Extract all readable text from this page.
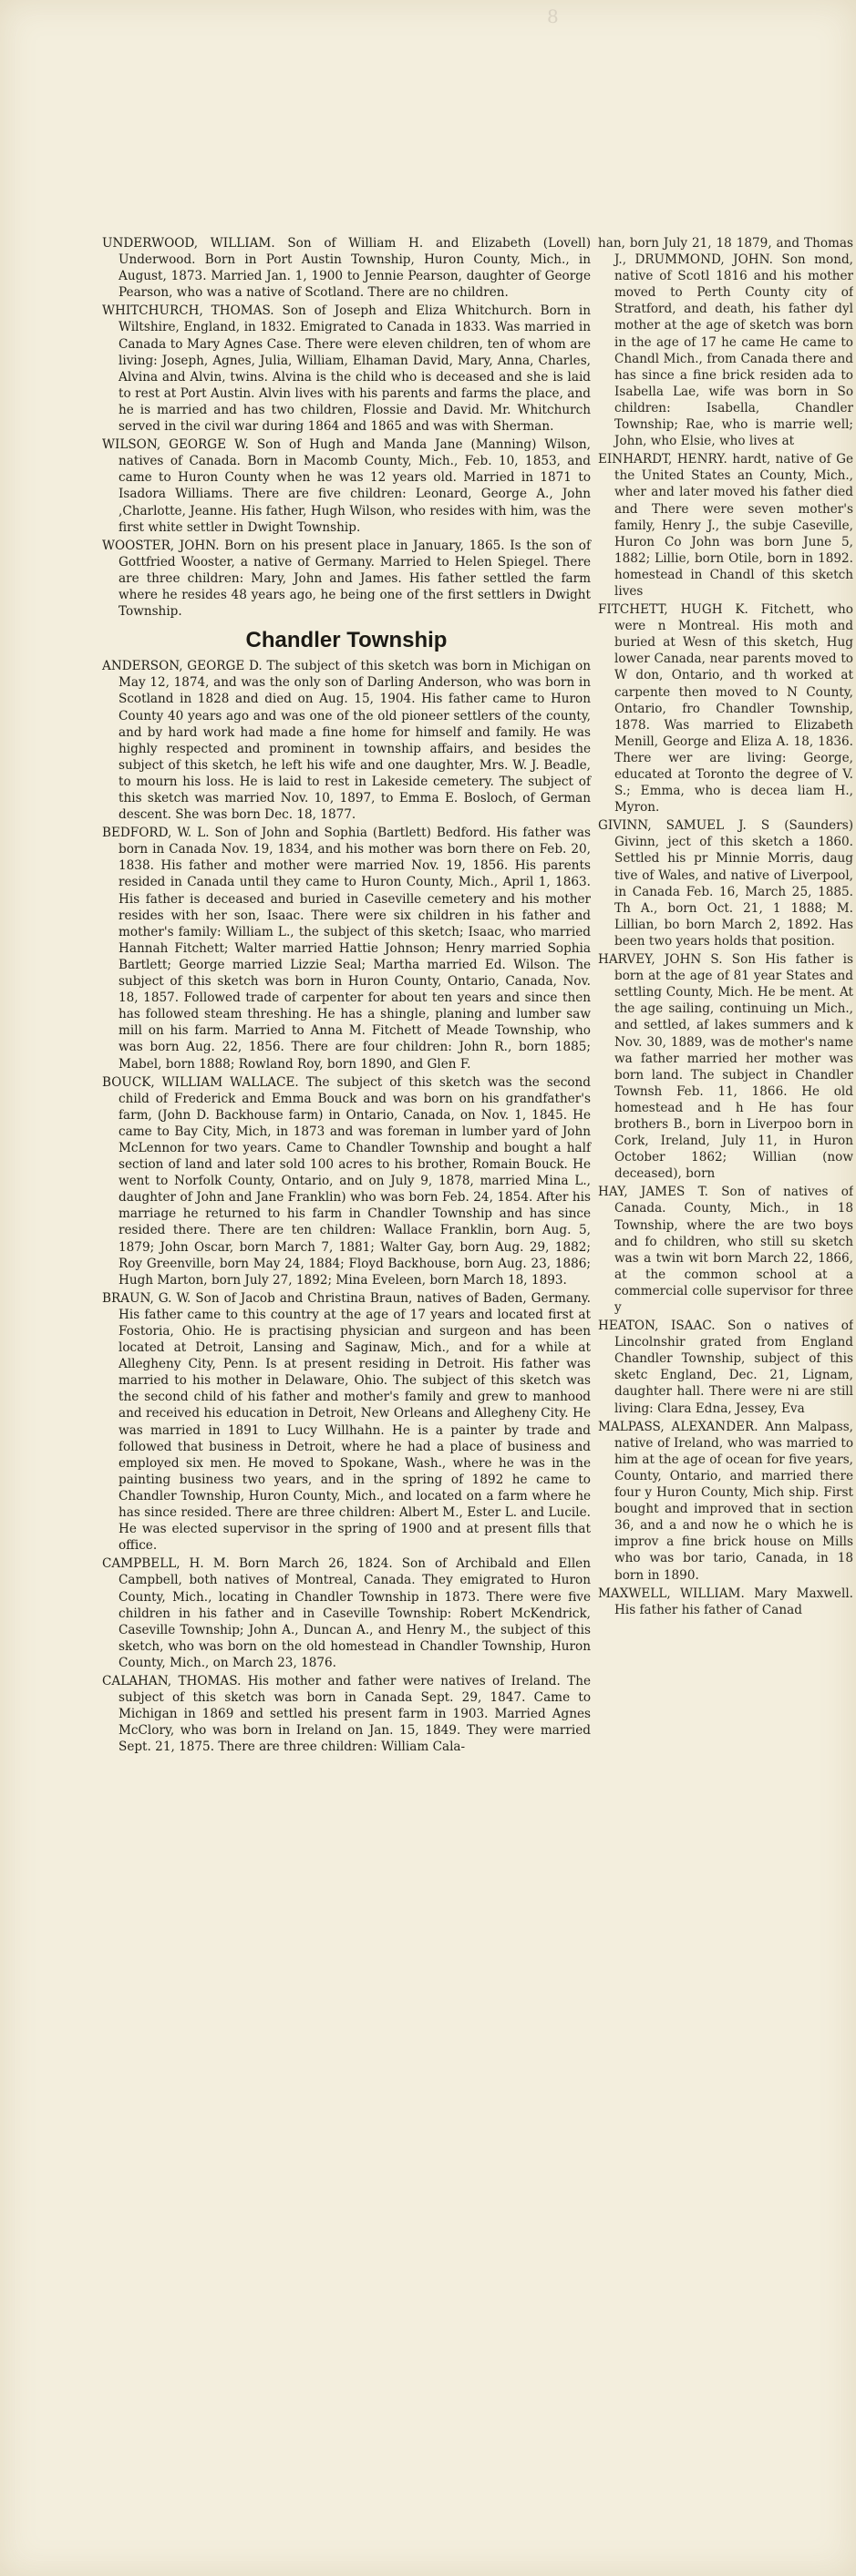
8
UNDERWOOD, WILLIAM. Son of William H. and Elizabeth (Lovell) Underwood. Born in Port Austin Township, Huron County, Mich., in August, 1873. Married Jan. 1, 1900 to Jennie Pearson, daughter of George Pearson, who was a native of Scotland. There are no children.
WHITCHURCH, THOMAS. Son of Joseph and Eliza Whitchurch. Born in Wiltshire, England, in 1832. Emigrated to Canada in 1833. Was married in Canada to Mary Agnes Case. There were eleven children, ten of whom are living: Joseph, Agnes, Julia, William, Elhaman David, Mary, Anna, Charles, Alvina and Alvin, twins. Alvina is the child who is deceased and she is laid to rest at Port Austin. Alvin lives with his parents and farms the place, and he is married and has two children, Flossie and David. Mr. Whitchurch served in the civil war during 1864 and 1865 and was with Sherman.
WILSON, GEORGE W. Son of Hugh and Manda Jane (Manning) Wilson, natives of Canada. Born in Macomb County, Mich., Feb. 10, 1853, and came to Huron County when he was 12 years old. Married in 1871 to Isadora Williams. There are five children: Leonard, George A., John ,Charlotte, Jeanne. His father, Hugh Wilson, who resides with him, was the first white settler in Dwight Township.
WOOSTER, JOHN. Born on his present place in January, 1865. Is the son of Gottfried Wooster, a native of Germany. Married to Helen Spiegel. There are three children: Mary, John and James. His father settled the farm where he resides 48 years ago, he being one of the first settlers in Dwight Township.
Chandler Township
ANDERSON, GEORGE D. The subject of this sketch was born in Michigan on May 12, 1874, and was the only son of Darling Anderson, who was born in Scotland in 1828 and died on Aug. 15, 1904. His father came to Huron County 40 years ago and was one of the old pioneer settlers of the county, and by hard work had made a fine home for himself and family. He was highly respected and prominent in township affairs, and besides the subject of this sketch, he left his wife and one daughter, Mrs. W. J. Beadle, to mourn his loss. He is laid to rest in Lakeside cemetery. The subject of this sketch was married Nov. 10, 1897, to Emma E. Bosloch, of German descent. She was born Dec. 18, 1877.
BEDFORD, W. L. Son of John and Sophia (Bartlett) Bedford. His father was born in Canada Nov. 19, 1834, and his mother was born there on Feb. 20, 1838. His father and mother were married Nov. 19, 1856. His parents resided in Canada until they came to Huron County, Mich., April 1, 1863. His father is deceased and buried in Caseville cemetery and his mother resides with her son, Isaac. There were six children in his father and mother's family: William L., the subject of this sketch; Isaac, who married Hannah Fitchett; Walter married Hattie Johnson; Henry married Sophia Bartlett; George married Lizzie Seal; Martha married Ed. Wilson. The subject of this sketch was born in Huron County, Ontario, Canada, Nov. 18, 1857. Followed trade of carpenter for about ten years and since then has followed steam threshing. He has a shingle, planing and lumber saw mill on his farm. Married to Anna M. Fitchett of Meade Township, who was born Aug. 22, 1856. There are four children: John R., born 1885; Mabel, born 1888; Rowland Roy, born 1890, and Glen F.
BOUCK, WILLIAM WALLACE. The subject of this sketch was the second child of Frederick and Emma Bouck and was born on his grandfather's farm, (John D. Backhouse farm) in Ontario, Canada, on Nov. 1, 1845. He came to Bay City, Mich, in 1873 and was foreman in lumber yard of John McLennon for two years. Came to Chandler Township and bought a half section of land and later sold 100 acres to his brother, Romain Bouck. He went to Norfolk County, Ontario, and on July 9, 1878, married Mina L., daughter of John and Jane Franklin) who was born Feb. 24, 1854. After his marriage he returned to his farm in Chandler Township and has since resided there. There are ten children: Wallace Franklin, born Aug. 5, 1879; John Oscar, born March 7, 1881; Walter Gay, born Aug. 29, 1882; Roy Greenville, born May 24, 1884; Floyd Backhouse, born Aug. 23, 1886; Hugh Marton, born July 27, 1892; Mina Eveleen, born March 18, 1893.
BRAUN, G. W. Son of Jacob and Christina Braun, natives of Baden, Germany. His father came to this country at the age of 17 years and located first at Fostoria, Ohio. He is practising physician and surgeon and has been located at Detroit, Lansing and Saginaw, Mich., and for a while at Allegheny City, Penn. Is at present residing in Detroit. His father was married to his mother in Delaware, Ohio. The subject of this sketch was the second child of his father and mother's family and grew to manhood and received his education in Detroit, New Orleans and Allegheny City. He was married in 1891 to Lucy Willhahn. He is a painter by trade and followed that business in Detroit, where he had a place of business and employed six men. He moved to Spokane, Wash., where he was in the painting business two years, and in the spring of 1892 he came to Chandler Township, Huron County, Mich., and located on a farm where he has since resided. There are three children: Albert M., Ester L. and Lucile. He was elected supervisor in the spring of 1900 and at present fills that office.
CAMPBELL, H. M. Born March 26, 1824. Son of Archibald and Ellen Campbell, both natives of Montreal, Canada. They emigrated to Huron County, Mich., locating in Chandler Township in 1873. There were five children in his father and in Caseville Township: Robert McKendrick, Caseville Township; John A., Duncan A., and Henry M., the subject of this sketch, who was born on the old homestead in Chandler Township, Huron County, Mich., on March 23, 1876.
CALAHAN, THOMAS. His mother and father were natives of Ireland. The subject of this sketch was born in Canada Sept. 29, 1847. Came to Michigan in 1869 and settled his present farm in 1903. Married Agnes McClory, who was born in Ireland on Jan. 15, 1849. They were married Sept. 21, 1875. There are three children: William Cala-
han, born July 21, 18 1879, and Thomas J., DRUMMOND, JOHN. Son mond, native of Scotl 1816 and his mother moved to Perth County city of Stratford, and death, his father dyl mother at the age of sketch was born in the age of 17 he came He came to Chandl Mich., from Canada there and has since a fine brick residen ada to Isabella Lae, wife was born in So children: Isabella, Chandler Township; Rae, who is marrie well; John, who Elsie, who lives at
EINHARDT, HENRY. hardt, native of Ge the United States an County, Mich., wher and later moved his father died and There were seven mother's family, Henry J., the subje Caseville, Huron Co John was born June 5, 1882; Lillie, born Otile, born in 1892. homestead in Chandl of this sketch lives
FITCHETT, HUGH K. Fitchett, who were n Montreal. His moth and buried at Wesn of this sketch, Hug lower Canada, near parents moved to W don, Ontario, and th worked at carpente then moved to N County, Ontario, fro Chandler Township, 1878. Was married to Elizabeth Menill, George and Eliza A. 18, 1836. There wer are living: George, educated at Toronto the degree of V. S.; Emma, who is decea liam H., Myron.
GIVINN, SAMUEL J. S (Saunders) Givinn, ject of this sketch a 1860. Settled his pr Minnie Morris, daug tive of Wales, and native of Liverpool, in Canada Feb. 16, March 25, 1885. Th A., born Oct. 21, 1 1888; M. Lillian, bo born March 2, 1892. Has been two years holds that position.
HARVEY, JOHN S. Son His father is born at the age of 81 year States and settling County, Mich. He be ment. At the age sailing, continuing un Mich., and settled, af lakes summers and k Nov. 30, 1889, was de mother's name wa father married her mother was born land. The subject in Chandler Townsh Feb. 11, 1866. He old homestead and h He has four brothers B., born in Liverpoo born in Cork, Ireland, July 11, in Huron October 1862; Willian (now deceased), born
HAY, JAMES T. Son of natives of Canada. County, Mich., in 18 Township, where the are two boys and fo children, who still su sketch was a twin wit born March 22, 1866, at the common school at a commercial colle supervisor for three y
HEATON, ISAAC. Son o natives of Lincolnshir grated from England Chandler Township, subject of this sketc England, Dec. 21, Lignam, daughter hall. There were ni are still living: Clara Edna, Jessey, Eva
MALPASS, ALEXANDER. Ann Malpass, native of Ireland, who was married to him at the age of ocean for five years, County, Ontario, and married there four y Huron County, Mich ship. First bought and improved that in section 36, and a and now he o which he is improv a fine brick house on Mills who was bor tario, Canada, in 18 born in 1890.
MAXWELL, WILLIAM. Mary Maxwell. His father his father of Canad
